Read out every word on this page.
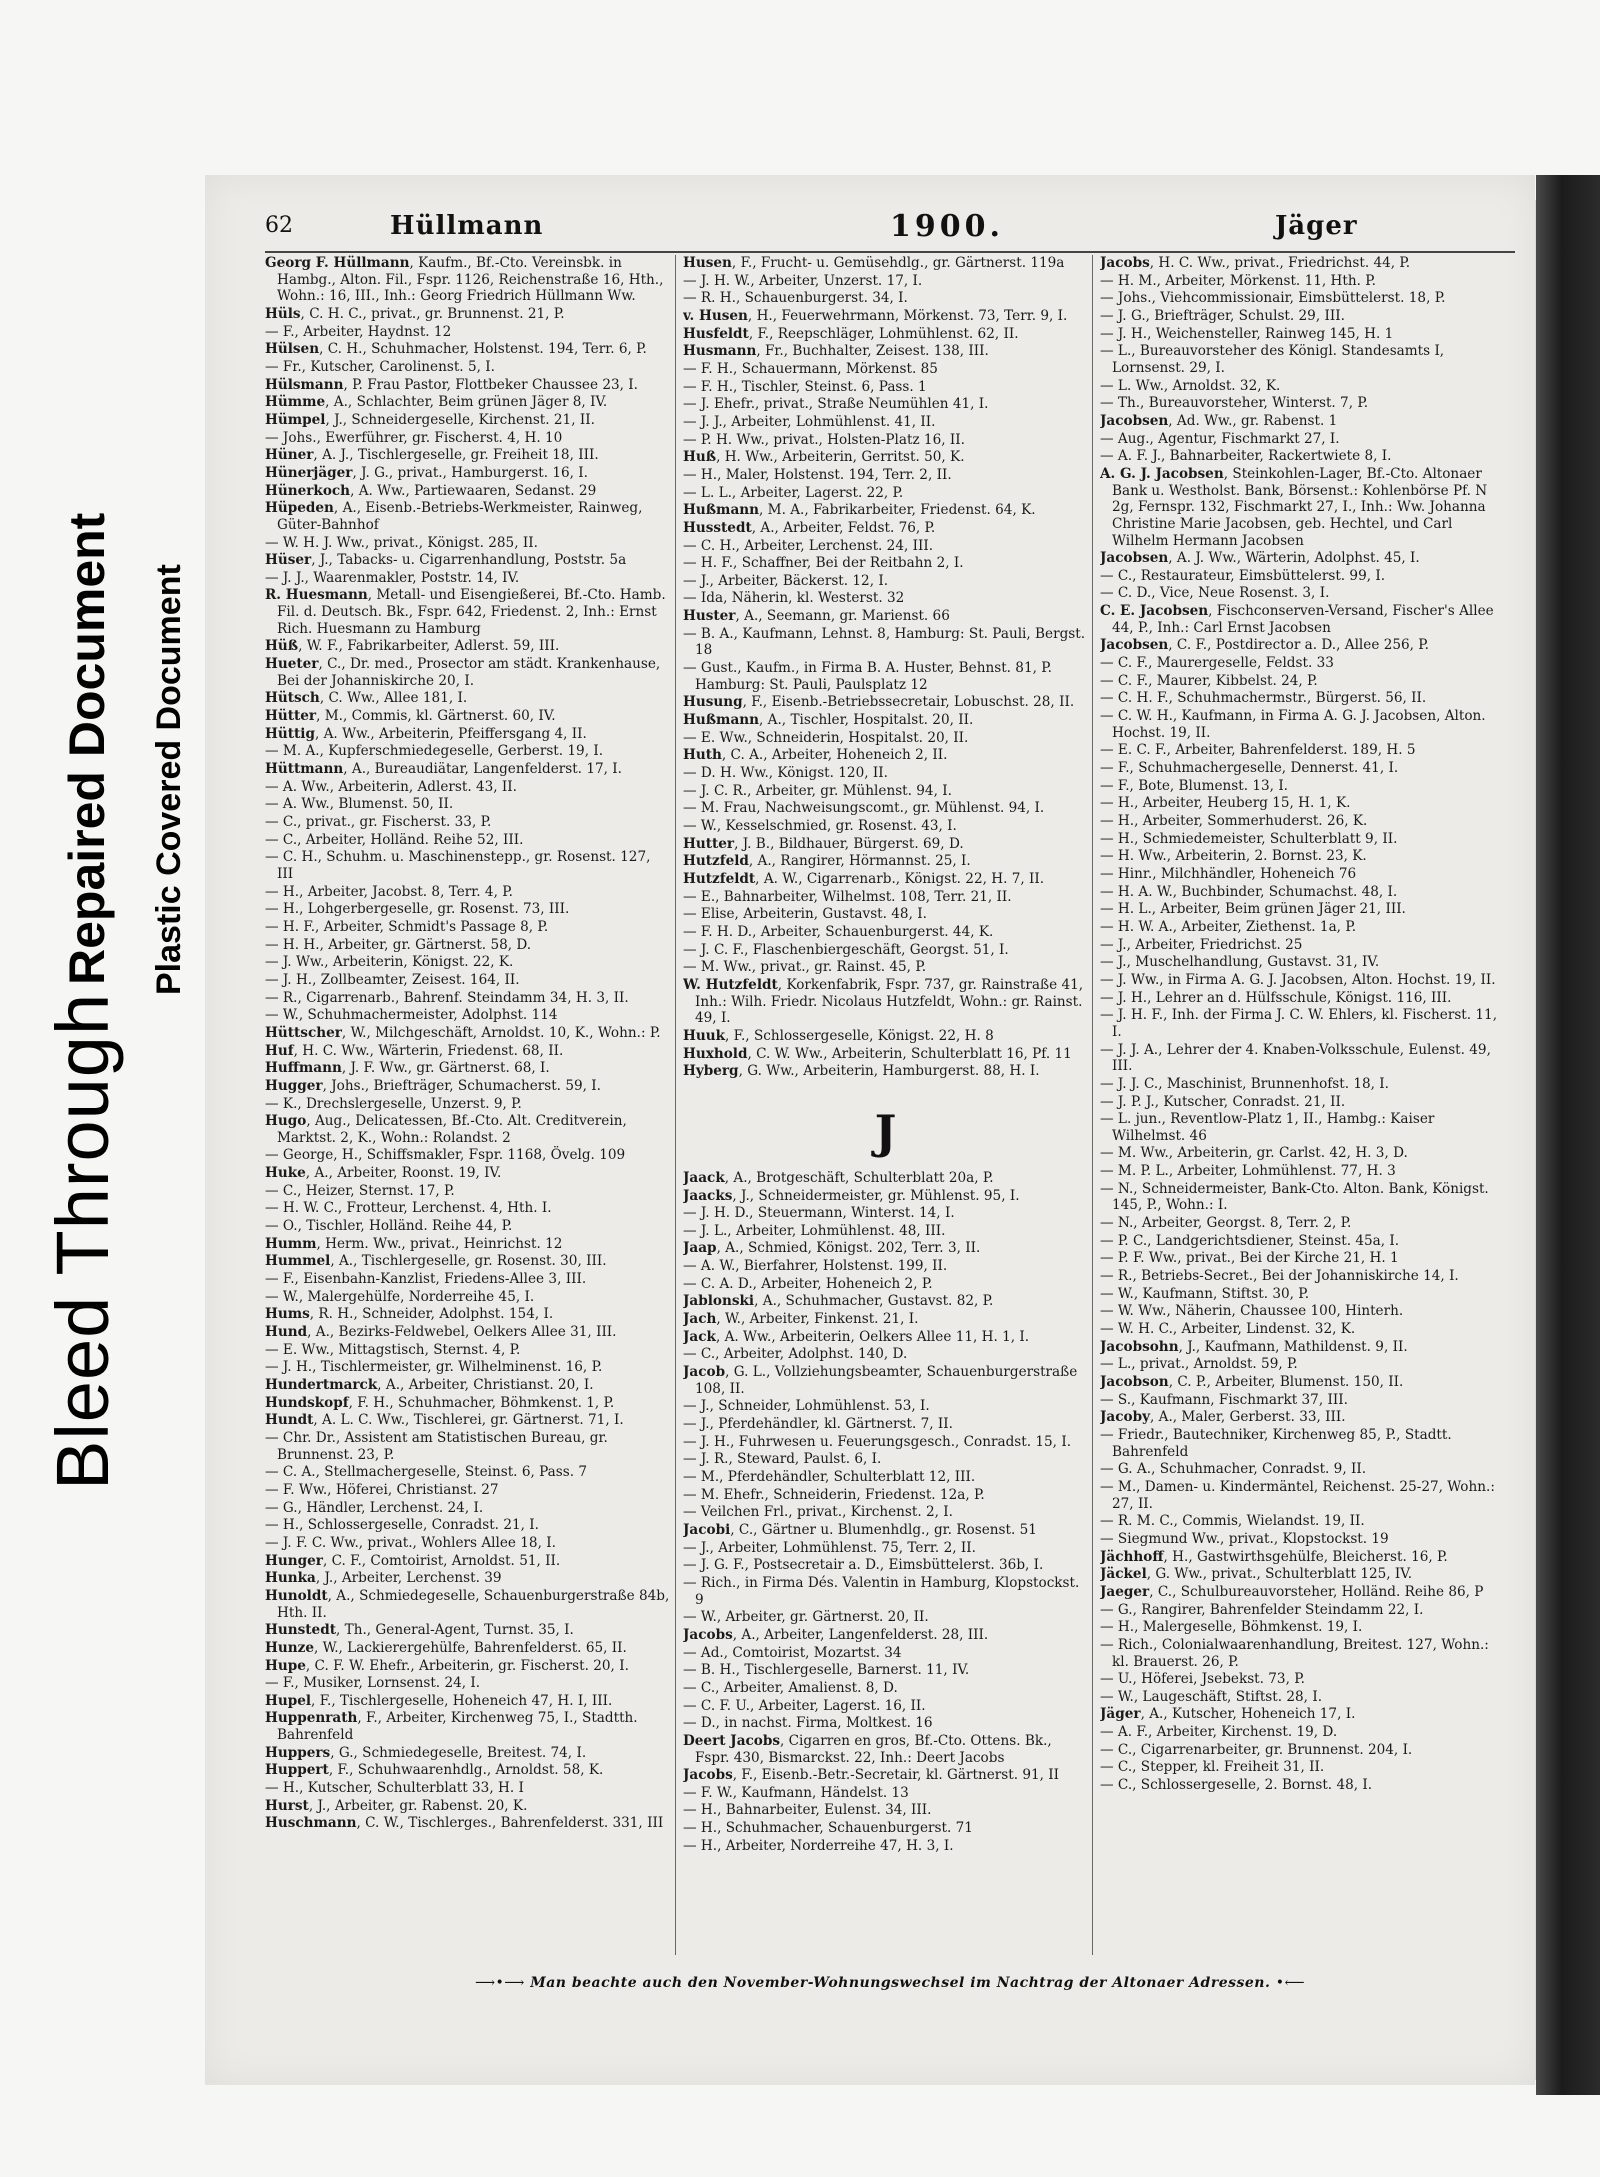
Bleed Through
Repaired Document Plastic Covered Document
62	Hüllmann	1900.	Jäger
Georg F. Hüllmann, Kaufm., Bf.-Cto. Vereinsbk. in Hambg., Alton. Fil., Fspr. 1126, Reichenstraße 16, Hth., Wohn.: 16, III., Inh.: Georg Friedrich Hüllmann Ww.
Hüls, C. H. C., privat., gr. Brunnenst. 21, P.
— F., Arbeiter, Haydnst. 12
Hülsen, C. H., Schuhmacher, Holstenst. 194, Terr. 6, P.
— Fr., Kutscher, Carolinenst. 5, I.
Hülsmann, P. Frau Pastor, Flottbeker Chaussee 23, I.
Hümme, A., Schlachter, Beim grünen Jäger 8, IV.
Hümpel, J., Schneidergeselle, Kirchenst. 21, II.
— Johs., Ewerführer, gr. Fischerst. 4, H. 10
Hüner, A. J., Tischlergeselle, gr. Freiheit 18, III.
Hünerjäger, J. G., privat., Hamburgerst. 16, I.
Hünerkoch, A. Ww., Partiewaaren, Sedanst. 29
Hüpeden, A., Eisenb.-Betriebs-Werkmeister, Rainweg, Güter-Bahnhof
— W. H. J. Ww., privat., Königst. 285, II.
Hüser, J., Tabacks- u. Cigarrenhandlung, Poststr. 5a
— J. J., Waarenmakler, Poststr. 14, IV.
R. Huesmann, Metall- und Eisengießerei, Bf.-Cto. Hamb. Fil. d. Deutsch. Bk., Fspr. 642, Friedenst. 2, Inh.: Ernst Rich. Huesmann zu Hamburg
Hüß, W. F., Fabrikarbeiter, Adlerst. 59, III.
Hueter, C., Dr. med., Prosector am städt. Krankenhause, Bei der Johanniskirche 20, I.
Hütsch, C. Ww., Allee 181, I.
Hütter, M., Commis, kl. Gärtnerst. 60, IV.
Hüttig, A. Ww., Arbeiterin, Pfeiffersgang 4, II.
— M. A., Kupferschmiedegeselle, Gerberst. 19, I.
Hüttmann, A., Bureaudiätar, Langenfelderst. 17, I.
— A. Ww., Arbeiterin, Adlerst. 43, II.
— A. Ww., Blumenst. 50, II.
— C., privat., gr. Fischerst. 33, P.
— C., Arbeiter, Holländ. Reihe 52, III.
— C. H., Schuhm. u. Maschinenstepp., gr. Rosenst. 127, III
— H., Arbeiter, Jacobst. 8, Terr. 4, P.
— H., Lohgerbergeselle, gr. Rosenst. 73, III.
— H. F., Arbeiter, Schmidt's Passage 8, P.
— H. H., Arbeiter, gr. Gärtnerst. 58, D.
— J. Ww., Arbeiterin, Königst. 22, K.
— J. H., Zollbeamter, Zeisest. 164, II.
— R., Cigarrenarb., Bahrenf. Steindamm 34, H. 3, II.
— W., Schuhmachermeister, Adolphst. 114
Hüttscher, W., Milchgeschäft, Arnoldst. 10, K., Wohn.: P.
Huf, H. C. Ww., Wärterin, Friedenst. 68, II.
Huffmann, J. F. Ww., gr. Gärtnerst. 68, I.
Hugger, Johs., Briefträger, Schumacherst. 59, I.
— K., Drechslergeselle, Unzerst. 9, P.
Hugo, Aug., Delicatessen, Bf.-Cto. Alt. Creditverein, Marktst. 2, K., Wohn.: Rolandst. 2
— George, H., Schiffsmakler, Fspr. 1168, Övelg. 109
Huke, A., Arbeiter, Roonst. 19, IV.
— C., Heizer, Sternst. 17, P.
— H. W. C., Frotteur, Lerchenst. 4, Hth. I.
— O., Tischler, Holländ. Reihe 44, P.
Humm, Herm. Ww., privat., Heinrichst. 12
Hummel, A., Tischlergeselle, gr. Rosenst. 30, III.
— F., Eisenbahn-Kanzlist, Friedens-Allee 3, III.
— W., Malergehülfe, Norderreihe 45, I.
Hums, R. H., Schneider, Adolphst. 154, I.
Hund, A., Bezirks-Feldwebel, Oelkers Allee 31, III.
— E. Ww., Mittagstisch, Sternst. 4, P.
— J. H., Tischlermeister, gr. Wilhelminenst. 16, P.
Hundertmarck, A., Arbeiter, Christianst. 20, I.
Hundskopf, F. H., Schuhmacher, Böhmkenst. 1, P.
Hundt, A. L. C. Ww., Tischlerei, gr. Gärtnerst. 71, I.
— Chr. Dr., Assistent am Statistischen Bureau, gr. Brunnenst. 23, P.
— C. A., Stellmachergeselle, Steinst. 6, Pass. 7
— F. Ww., Höferei, Christianst. 27
— G., Händler, Lerchenst. 24, I.
— H., Schlossergeselle, Conradst. 21, I.
— J. F. C. Ww., privat., Wohlers Allee 18, I.
Hunger, C. F., Comtoirist, Arnoldst. 51, II.
Hunka, J., Arbeiter, Lerchenst. 39
Hunoldt, A., Schmiedegeselle, Schauenburgerstraße 84b, Hth. II.
Hunstedt, Th., General-Agent, Turnst. 35, I.
Hunze, W., Lackierergehülfe, Bahrenfelderst. 65, II.
Hupe, C. F. W. Ehefr., Arbeiterin, gr. Fischerst. 20, I.
— F., Musiker, Lornsenst. 24, I.
Hupel, F., Tischlergeselle, Hoheneich 47, H. I, III.
Huppenrath, F., Arbeiter, Kirchenweg 75, I., Stadtth. Bahrenfeld
Huppers, G., Schmiedegeselle, Breitest. 74, I.
Huppert, F., Schuhwaarenhdlg., Arnoldst. 58, K.
— H., Kutscher, Schulterblatt 33, H. I
Hurst, J., Arbeiter, gr. Rabenst. 20, K.
Huschmann, C. W., Tischlerges., Bahrenfelderst. 331, III
Husen, F., Frucht- u. Gemüsehdlg., gr. Gärtnerst. 119a
— J. H. W., Arbeiter, Unzerst. 17, I.
— R. H., Schauenburgerst. 34, I.
v. Husen, H., Feuerwehrmann, Mörkenst. 73, Terr. 9, I.
Husfeldt, F., Reepschläger, Lohmühlenst. 62, II.
Husmann, Fr., Buchhalter, Zeisest. 138, III.
— F. H., Schauermann, Mörkenst. 85
— F. H., Tischler, Steinst. 6, Pass. 1
— J. Ehefr., privat., Straße Neumühlen 41, I.
— J. J., Arbeiter, Lohmühlenst. 41, II.
— P. H. Ww., privat., Holsten-Platz 16, II.
Huß, H. Ww., Arbeiterin, Gerritst. 50, K.
— H., Maler, Holstenst. 194, Terr. 2, II.
— L. L., Arbeiter, Lagerst. 22, P.
Hußmann, M. A., Fabrikarbeiter, Friedenst. 64, K.
Husstedt, A., Arbeiter, Feldst. 76, P.
— C. H., Arbeiter, Lerchenst. 24, III.
— H. F., Schaffner, Bei der Reitbahn 2, I.
— J., Arbeiter, Bäckerst. 12, I.
— Ida, Näherin, kl. Westerst. 32
Huster, A., Seemann, gr. Marienst. 66
— B. A., Kaufmann, Lehnst. 8, Hamburg: St. Pauli, Bergst. 18
— Gust., Kaufm., in Firma B. A. Huster, Behnst. 81, P. Hamburg: St. Pauli, Paulsplatz 12
Husung, F., Eisenb.-Betriebssecretair, Lobuschst. 28, II.
Hußmann, A., Tischler, Hospitalst. 20, II.
— E. Ww., Schneiderin, Hospitalst. 20, II.
Huth, C. A., Arbeiter, Hoheneich 2, II.
— D. H. Ww., Königst. 120, II.
— J. C. R., Arbeiter, gr. Mühlenst. 94, I.
— M. Frau, Nachweisungscomt., gr. Mühlenst. 94, I.
— W., Kesselschmied, gr. Rosenst. 43, I.
Hutter, J. B., Bildhauer, Bürgerst. 69, D.
Hutzfeld, A., Rangirer, Hörmannst. 25, I.
Hutzfeldt, A. W., Cigarrenarb., Königst. 22, H. 7, II.
— E., Bahnarbeiter, Wilhelmst. 108, Terr. 21, II.
— Elise, Arbeiterin, Gustavst. 48, I.
— F. H. D., Arbeiter, Schauenburgerst. 44, K.
— J. C. F., Flaschenbiergeschäft, Georgst. 51, I.
— M. Ww., privat., gr. Rainst. 45, P.
W. Hutzfeldt, Korkenfabrik, Fspr. 737, gr. Rainstraße 41, Inh.: Wilh. Friedr. Nicolaus Hutzfeldt, Wohn.: gr. Rainst. 49, I.
Huuk, F., Schlossergeselle, Königst. 22, H. 8
Huxhold, C. W. Ww., Arbeiterin, Schulterblatt 16, Pf. 11
Hyberg, G. Ww., Arbeiterin, Hamburgerst. 88, H. I.
J
Jaack, A., Brotgeschäft, Schulterblatt 20a, P.
Jaacks, J., Schneidermeister, gr. Mühlenst. 95, I.
— J. H. D., Steuermann, Winterst. 14, I.
— J. L., Arbeiter, Lohmühlenst. 48, III.
Jaap, A., Schmied, Königst. 202, Terr. 3, II.
— A. W., Bierfahrer, Holstenst. 199, II.
— C. A. D., Arbeiter, Hoheneich 2, P.
Jablonski, A., Schuhmacher, Gustavst. 82, P.
Jach, W., Arbeiter, Finkenst. 21, I.
Jack, A. Ww., Arbeiterin, Oelkers Allee 11, H. 1, I.
— C., Arbeiter, Adolphst. 140, D.
Jacob, G. L., Vollziehungsbeamter, Schauenburgerstraße 108, II.
— J., Schneider, Lohmühlenst. 53, I.
— J., Pferdehändler, kl. Gärtnerst. 7, II.
— J. H., Fuhrwesen u. Feuerungsgesch., Conradst. 15, I.
— J. R., Steward, Paulst. 6, I.
— M., Pferdehändler, Schulterblatt 12, III.
— M. Ehefr., Schneiderin, Friedenst. 12a, P.
— Veilchen Frl., privat., Kirchenst. 2, I.
Jacobi, C., Gärtner u. Blumenhdlg., gr. Rosenst. 51
— J., Arbeiter, Lohmühlenst. 75, Terr. 2, II.
— J. G. F., Postsecretair a. D., Eimsbüttelerst. 36b, I.
— Rich., in Firma Dés. Valentin in Hamburg, Klopstockst. 9
— W., Arbeiter, gr. Gärtnerst. 20, II.
Jacobs, A., Arbeiter, Langenfelderst. 28, III.
— Ad., Comtoirist, Mozartst. 34
— B. H., Tischlergeselle, Barnerst. 11, IV.
— C., Arbeiter, Amalienst. 8, D.
— C. F. U., Arbeiter, Lagerst. 16, II.
— D., in nachst. Firma, Moltkest. 16
Deert Jacobs, Cigarren en gros, Bf.-Cto. Ottens. Bk., Fspr. 430, Bismarckst. 22, Inh.: Deert Jacobs
Jacobs, F., Eisenb.-Betr.-Secretair, kl. Gärtnerst. 91, II
— F. W., Kaufmann, Händelst. 13
— H., Bahnarbeiter, Eulenst. 34, III.
— H., Schuhmacher, Schauenburgerst. 71
— H., Arbeiter, Norderreihe 47, H. 3, I.
Jacobs, H. C. Ww., privat., Friedrichst. 44, P.
— H. M., Arbeiter, Mörkenst. 11, Hth. P.
— Johs., Viehcommissionair, Eimsbüttelerst. 18, P.
— J. G., Briefträger, Schulst. 29, III.
— J. H., Weichensteller, Rainweg 145, H. 1
— L., Bureauvorsteher des Königl. Standesamts I, Lornsenst. 29, I.
— L. Ww., Arnoldst. 32, K.
— Th., Bureauvorsteher, Winterst. 7, P.
Jacobsen, Ad. Ww., gr. Rabenst. 1
— Aug., Agentur, Fischmarkt 27, I.
— A. F. J., Bahnarbeiter, Rackertwiete 8, I.
A. G. J. Jacobsen, Steinkohlen-Lager, Bf.-Cto. Altonaer Bank u. Westholst. Bank, Börsenst.: Kohlenbörse Pf. N 2g, Fernspr. 132, Fischmarkt 27, I., Inh.: Ww. Johanna Christine Marie Jacobsen, geb. Hechtel, und Carl Wilhelm Hermann Jacobsen
Jacobsen, A. J. Ww., Wärterin, Adolphst. 45, I.
— C., Restaurateur, Eimsbüttelerst. 99, I.
— C. D., Vice, Neue Rosenst. 3, I.
C. E. Jacobsen, Fischconserven-Versand, Fischer's Allee 44, P., Inh.: Carl Ernst Jacobsen
Jacobsen, C. F., Postdirector a. D., Allee 256, P.
— C. F., Maurergeselle, Feldst. 33
— C. F., Maurer, Kibbelst. 24, P.
— C. H. F., Schuhmachermstr., Bürgerst. 56, II.
— C. W. H., Kaufmann, in Firma A. G. J. Jacobsen, Alton. Hochst. 19, II.
— E. C. F., Arbeiter, Bahrenfelderst. 189, H. 5
— F., Schuhmachergeselle, Dennerst. 41, I.
— F., Bote, Blumenst. 13, I.
— H., Arbeiter, Heuberg 15, H. 1, K.
— H., Arbeiter, Sommerhuderst. 26, K.
— H., Schmiedemeister, Schulterblatt 9, II.
— H. Ww., Arbeiterin, 2. Bornst. 23, K.
— Hinr., Milchhändler, Hoheneich 76
— H. A. W., Buchbinder, Schumachst. 48, I.
— H. L., Arbeiter, Beim grünen Jäger 21, III.
— H. W. A., Arbeiter, Ziethenst. 1a, P.
— J., Arbeiter, Friedrichst. 25
— J., Muschelhandlung, Gustavst. 31, IV.
— J. Ww., in Firma A. G. J. Jacobsen, Alton. Hochst. 19, II.
— J. H., Lehrer an d. Hülfsschule, Königst. 116, III.
— J. H. F., Inh. der Firma J. C. W. Ehlers, kl. Fischerst. 11, I.
— J. J. A., Lehrer der 4. Knaben-Volksschule, Eulenst. 49, III.
— J. J. C., Maschinist, Brunnenhofst. 18, I.
— J. P. J., Kutscher, Conradst. 21, II.
— L. jun., Reventlow-Platz 1, II., Hambg.: Kaiser Wilhelmst. 46
— M. Ww., Arbeiterin, gr. Carlst. 42, H. 3, D.
— M. P. L., Arbeiter, Lohmühlenst. 77, H. 3
— N., Schneidermeister, Bank-Cto. Alton. Bank, Königst. 145, P., Wohn.: I.
— N., Arbeiter, Georgst. 8, Terr. 2, P.
— P. C., Landgerichtsdiener, Steinst. 45a, I.
— P. F. Ww., privat., Bei der Kirche 21, H. 1
— R., Betriebs-Secret., Bei der Johanniskirche 14, I.
— W., Kaufmann, Stiftst. 30, P.
— W. Ww., Näherin, Chaussee 100, Hinterh.
— W. H. C., Arbeiter, Lindenst. 32, K.
Jacobsohn, J., Kaufmann, Mathildenst. 9, II.
— L., privat., Arnoldst. 59, P.
Jacobson, C. P., Arbeiter, Blumenst. 150, II.
— S., Kaufmann, Fischmarkt 37, III.
Jacoby, A., Maler, Gerberst. 33, III.
— Friedr., Bautechniker, Kirchenweg 85, P., Stadtt. Bahrenfeld
— G. A., Schuhmacher, Conradst. 9, II.
— M., Damen- u. Kindermäntel, Reichenst. 25-27, Wohn.: 27, II.
— R. M. C., Commis, Wielandst. 19, II.
— Siegmund Ww., privat., Klopstockst. 19
Jächhoff, H., Gastwirthsgehülfe, Bleicherst. 16, P.
Jäckel, G. Ww., privat., Schulterblatt 125, IV.
Jaeger, C., Schulbureauvorsteher, Holländ. Reihe 86, P
— G., Rangirer, Bahrenfelder Steindamm 22, I.
— H., Malergeselle, Böhmkenst. 19, I.
— Rich., Colonialwaarenhandlung, Breitest. 127, Wohn.: kl. Brauerst. 26, P.
— U., Höferei, Jsebekst. 73, P.
— W., Laugeschäft, Stiftst. 28, I.
Jäger, A., Kutscher, Hoheneich 17, I.
— A. F., Arbeiter, Kirchenst. 19, D.
— C., Cigarrenarbeiter, gr. Brunnenst. 204, I.
— C., Stepper, kl. Freiheit 31, II.
— C., Schlossergeselle, 2. Bornst. 48, I.
⟶•⟶ Man beachte auch den November-Wohnungswechsel im Nachtrag der Altonaer Adressen. •⟵
